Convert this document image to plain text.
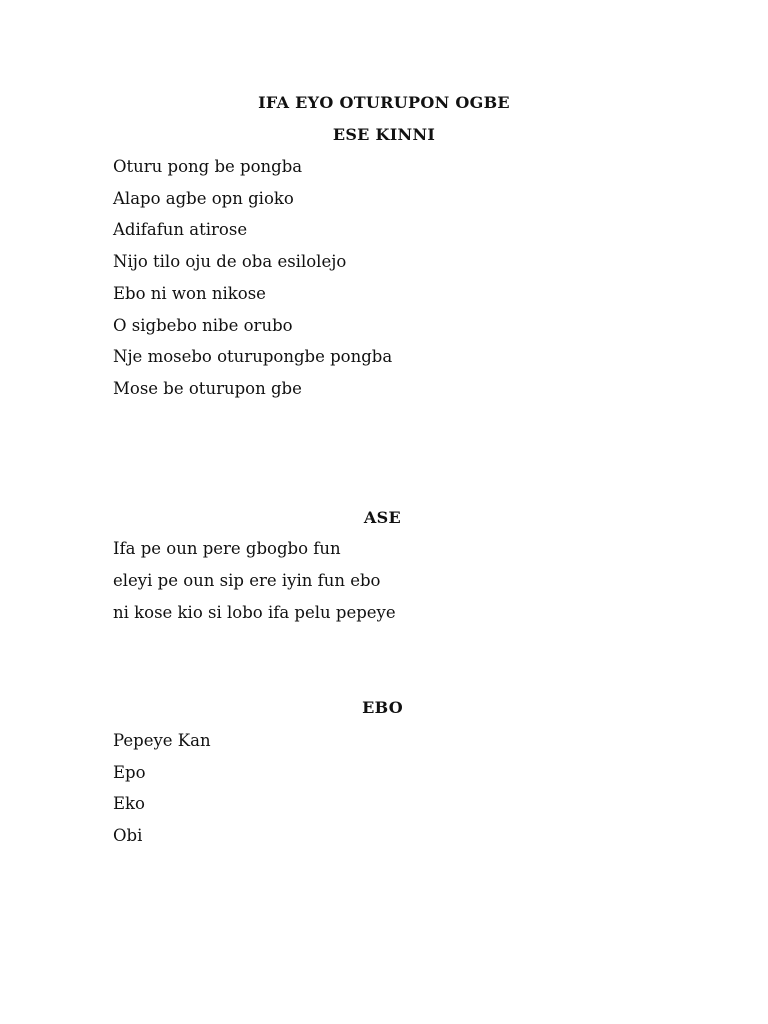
IFA EYO OTURUPON OGBE
ESE KINNI
Oturu pong be pongba
Alapo agbe opn gioko
Adifafun atirose
Nijo tilo oju de oba esilolejo
Ebo ni won nikose
O sigbebo nibe orubo
Nje mosebo oturupongbe pongba
Mose be oturupon gbe
ASE
Ifa pe oun pere gbogbo fun
eleyi pe oun sip ere iyin fun ebo
ni kose kio si lobo ifa pelu pepeye
EBO
Pepeye Kan
Epo
Eko
Obi
